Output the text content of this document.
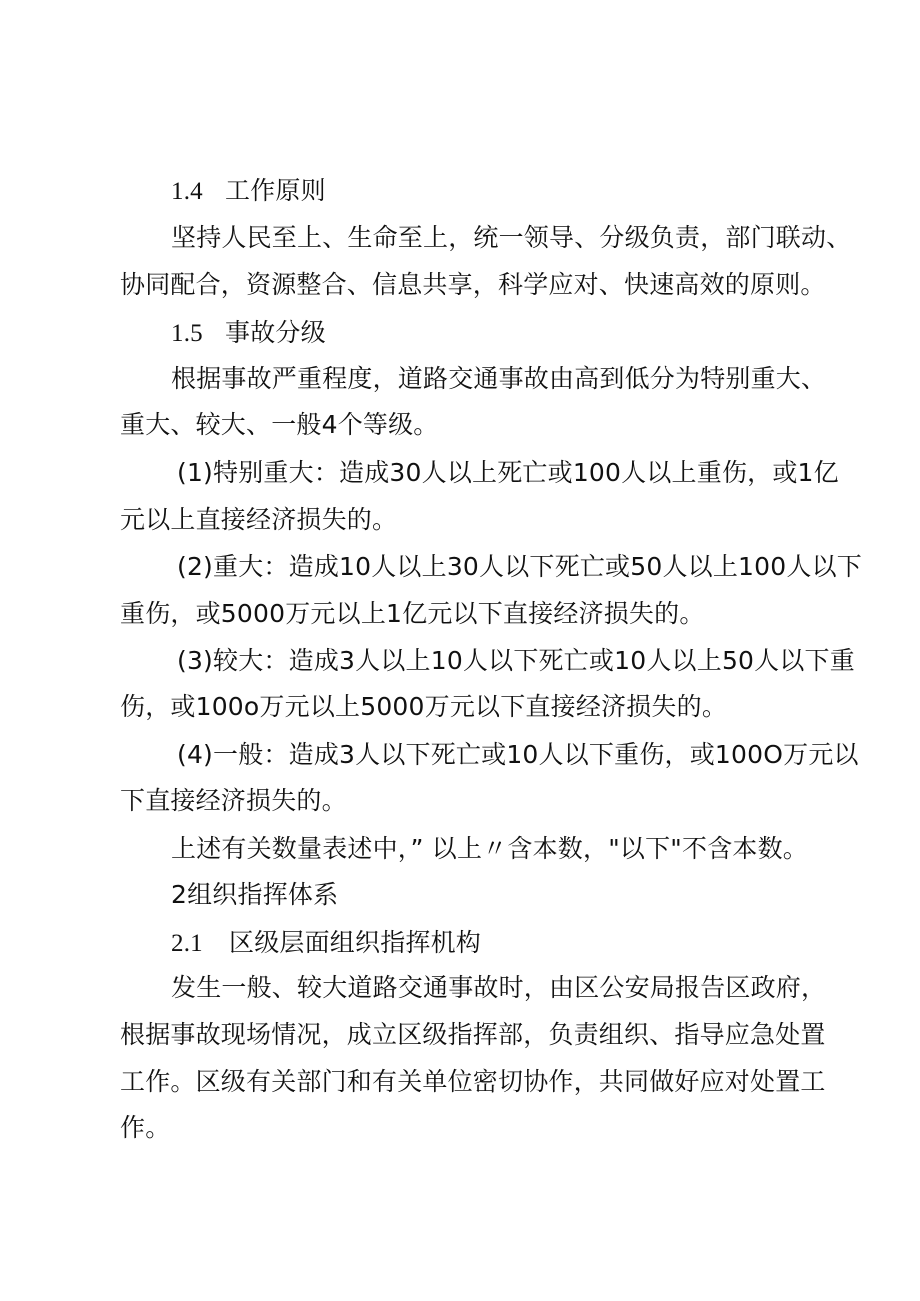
1.4 工作原则
坚持人民至上、生命至上，统一领导、分级负责，部门联动、
协同配合，资源整合、信息共享，科学应对、快速高效的原则。
1.5 事故分级
根据事故严重程度，道路交通事故由高到低分为特别重大、
重大、较大、一般4个等级。
(1)特别重大：造成30人以上死亡或100人以上重伤，或1亿
元以上直接经济损失的。
(2)重大：造成10人以上30人以下死亡或50人以上100人以下
重伤，或5000万元以上1亿元以下直接经济损失的。
(3)较大：造成3人以上10人以下死亡或10人以上50人以下重
伤，或100o万元以上5000万元以下直接经济损失的。
(4)一般：造成3人以下死亡或10人以下重伤，或100O万元以
下直接经济损失的。
上述有关数量表述中，” 以上〃含本数，"以下"不含本数。
2组织指挥体系
2.1 区级层面组织指挥机构
发生一般、较大道路交通事故时，由区公安局报告区政府，
根据事故现场情况，成立区级指挥部，负责组织、指导应急处置
工作。区级有关部门和有关单位密切协作，共同做好应对处置工
作。
